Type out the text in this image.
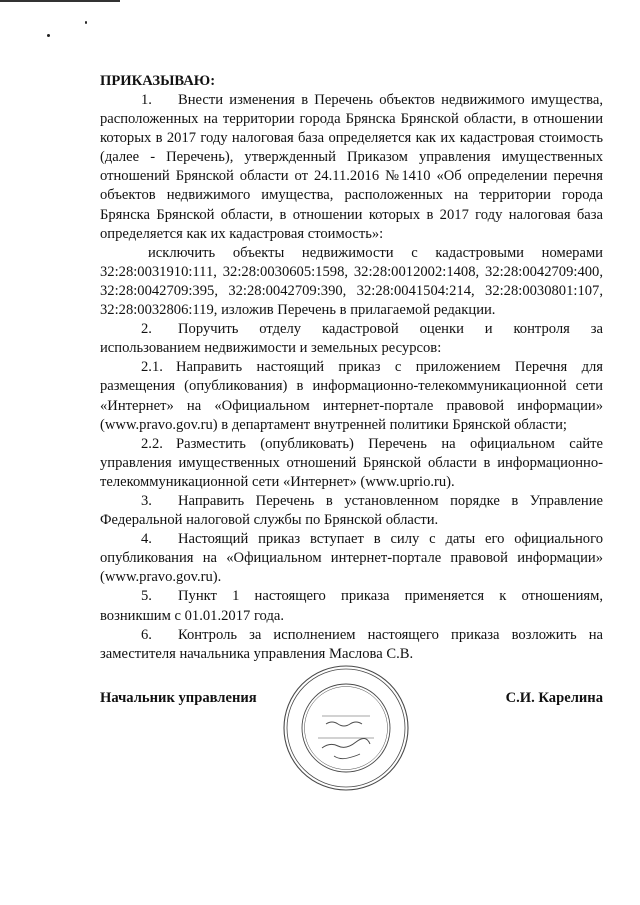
ПРИКАЗЫВАЮ:

1. Внести изменения в Перечень объектов недвижимого имущества, расположенных на территории города Брянска Брянской области, в отношении которых в 2017 году налоговая база определяется как их кадастровая стоимость (далее - Перечень), утвержденный Приказом управления имущественных отношений Брянской области от 24.11.2016 №1410 «Об определении перечня объектов недвижимого имущества, расположенных на территории города Брянска Брянской области, в отношении которых в 2017 году налоговая база определяется как их кадастровая стоимость»:

исключить объекты недвижимости с кадастровыми номерами 32:28:0031910:111, 32:28:0030605:1598, 32:28:0012002:1408, 32:28:0042709:400, 32:28:0042709:395, 32:28:0042709:390, 32:28:0041504:214, 32:28:0030801:107, 32:28:0032806:119, изложив Перечень в прилагаемой редакции.

2. Поручить отделу кадастровой оценки и контроля за использованием недвижимости и земельных ресурсов:

2.1. Направить настоящий приказ с приложением Перечня для размещения (опубликования) в информационно-телекоммуникационной сети «Интернет» на «Официальном интернет-портале правовой информации» (www.pravo.gov.ru) в департамент внутренней политики Брянской области;

2.2. Разместить (опубликовать) Перечень на официальном сайте управления имущественных отношений Брянской области в информационно-телекоммуникационной сети «Интернет» (www.uprio.ru).

3. Направить Перечень в установленном порядке в Управление Федеральной налоговой службы по Брянской области.

4. Настоящий приказ вступает в силу с даты его официального опубликования на «Официальном интернет-портале правовой информации» (www.pravo.gov.ru).

5. Пункт 1 настоящего приказа применяется к отношениям, возникшим с 01.01.2017 года.

6. Контроль за исполнением настоящего приказа возложить на заместителя начальника управления Маслова С.В.

Начальник управления	С.И. Карелина
